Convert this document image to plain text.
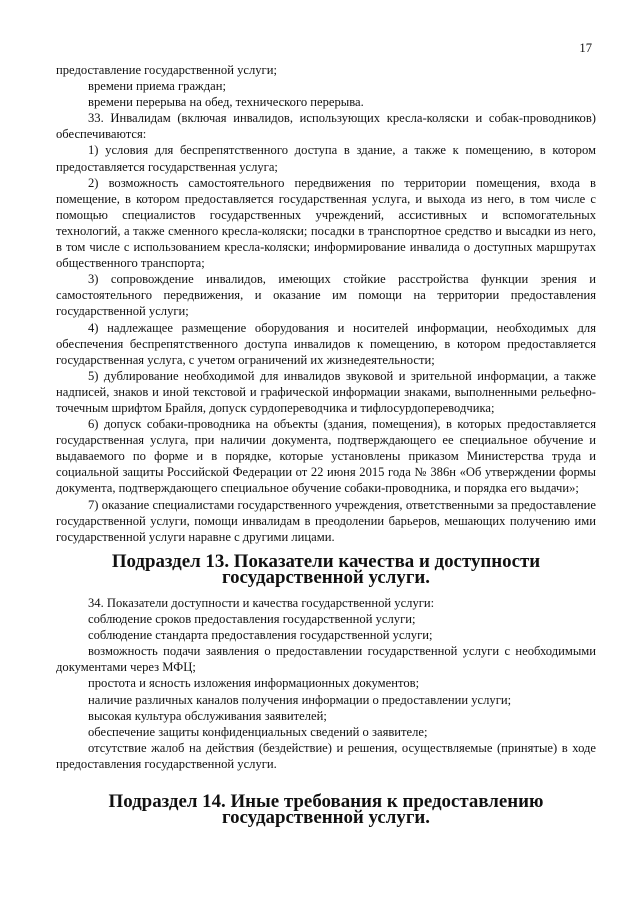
17

предоставление государственной услуги;

времени приема граждан;

времени перерыва на обед, технического перерыва.

33. Инвалидам (включая инвалидов, использующих кресла-коляски и собак-проводников) обеспечиваются:

1) условия для беспрепятственного доступа в здание, а также к помещению, в котором предоставляется государственная услуга;

2) возможность самостоятельного передвижения по территории помещения, входа в помещение, в котором предоставляется государственная услуга, и выхода из него, в том числе с помощью специалистов государственных учреждений, ассистивных и вспомогательных технологий, а также сменного кресла-коляски; посадки в транспортное средство и высадки из него, в том числе с использованием кресла-коляски; информирование инвалида о доступных маршрутах общественного транспорта;

3) сопровождение инвалидов, имеющих стойкие расстройства функции зрения и самостоятельного передвижения, и оказание им помощи на территории предоставления государственной услуги;

4) надлежащее размещение оборудования и носителей информации, необходимых для обеспечения беспрепятственного доступа инвалидов к помещению, в котором предоставляется государственная услуга, с учетом ограничений их жизнедеятельности;

5) дублирование необходимой для инвалидов звуковой и зрительной информации, а также надписей, знаков и иной текстовой и графической информации знаками, выполненными рельефно-точечным шрифтом Брайля, допуск сурдопереводчика и тифлосурдопереводчика;

6) допуск собаки-проводника на объекты (здания, помещения), в которых предоставляется государственная услуга, при наличии документа, подтверждающего ее специальное обучение и выдаваемого по форме и в порядке, которые установлены приказом Министерства труда и социальной защиты Российской Федерации от 22 июня 2015 года № 386н «Об утверждении формы документа, подтверждающего специальное обучение собаки-проводника, и порядка его выдачи»;

7) оказание специалистами государственного учреждения, ответственными за предоставление государственной услуги, помощи инвалидам в преодолении барьеров, мешающих получению ими государственной услуги наравне с другими лицами.

Подраздел 13. Показатели качества и доступности государственной услуги.

34. Показатели доступности и качества государственной услуги:

соблюдение сроков предоставления государственной услуги;

соблюдение стандарта предоставления государственной услуги;

возможность подачи заявления о предоставлении государственной услуги с необходимыми документами через МФЦ;

простота и ясность изложения информационных документов;

наличие различных каналов получения информации о предоставлении услуги;

высокая культура обслуживания заявителей;

обеспечение защиты конфиденциальных сведений о заявителе;

отсутствие жалоб на действия (бездействие) и решения, осуществляемые (принятые) в ходе предоставления государственной услуги.

Подраздел 14. Иные требования к предоставлению государственной услуги.
